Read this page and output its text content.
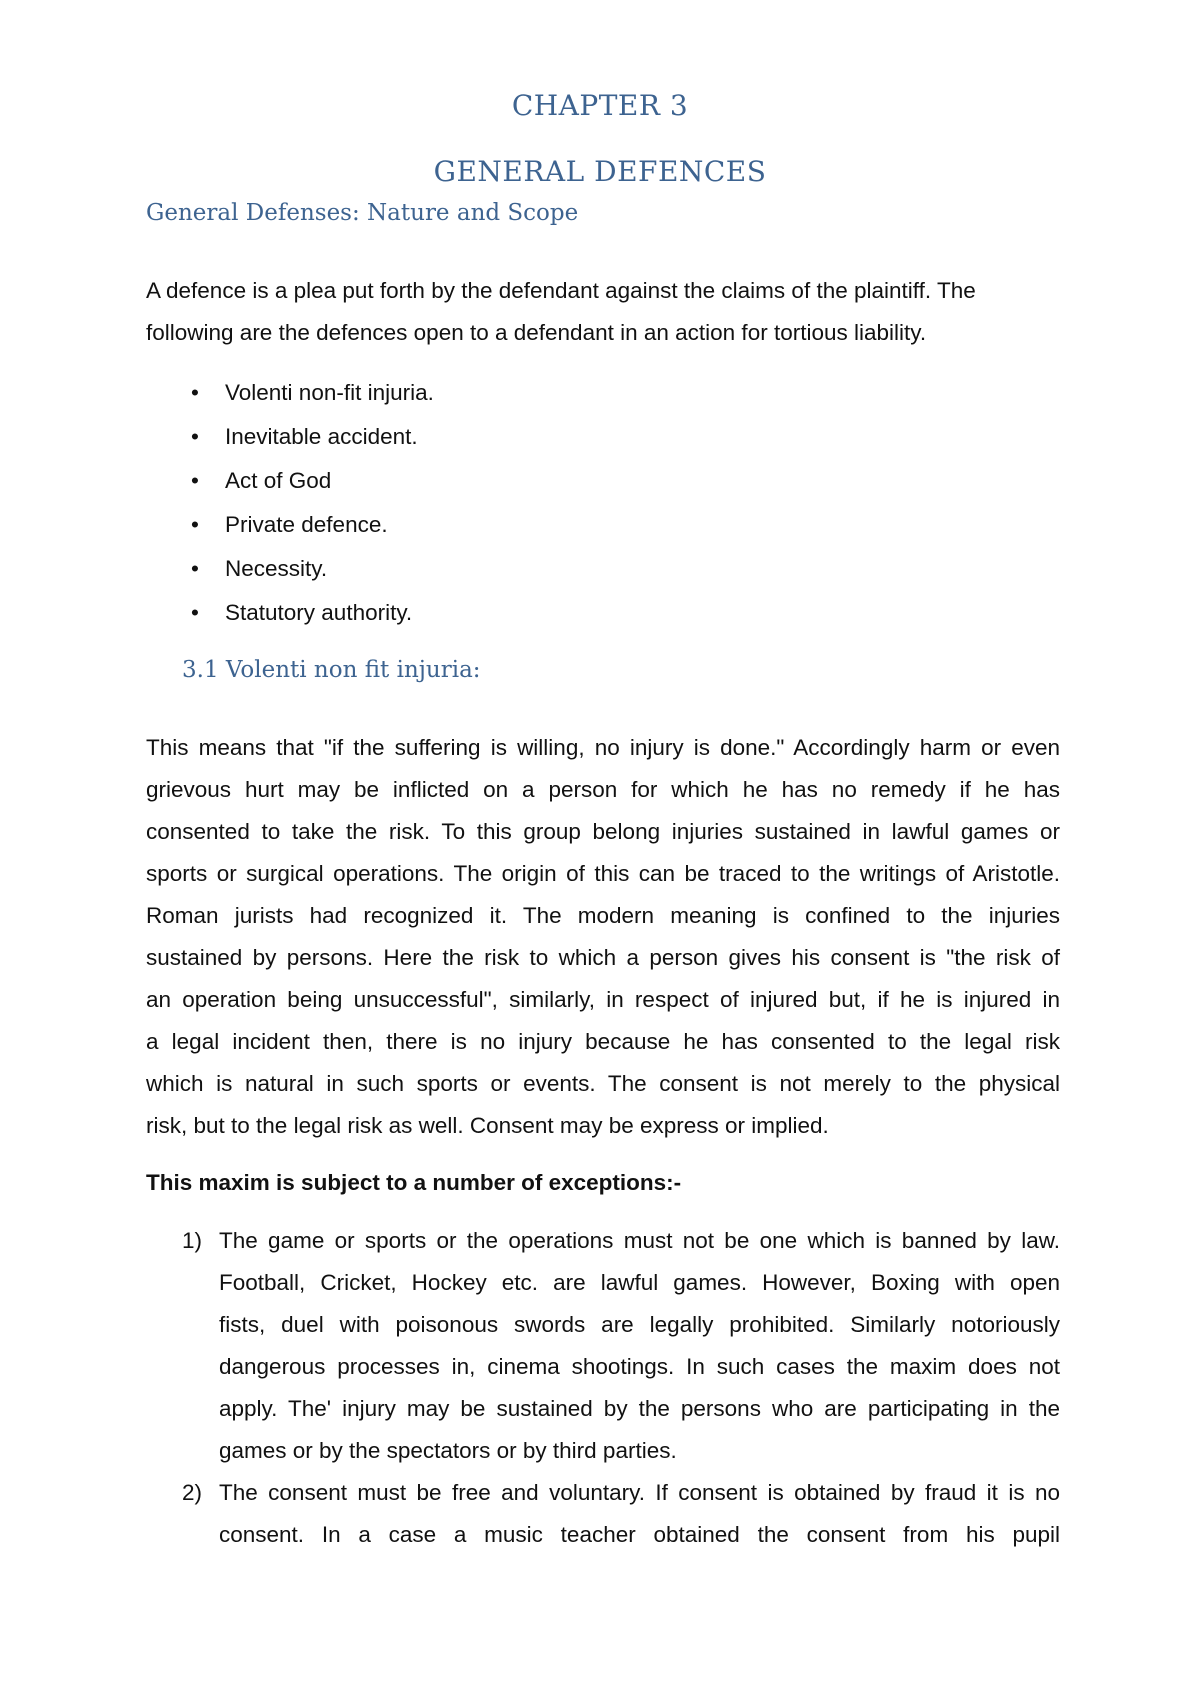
CHAPTER 3
GENERAL DEFENCES
General Defenses: Nature and Scope
A defence is a plea put forth by the defendant against the claims of the plaintiff. The
following are the defences open to a defendant in an action for tortious liability.
• Volenti non-fit injuria.
• Inevitable accident.
• Act of God
• Private defence.
• Necessity.
• Statutory authority.
3.1 Volenti non fit injuria:
This means that "if the suffering is willing, no injury is done." Accordingly harm or even
grievous hurt may be inflicted on a person for which he has no remedy if he has
consented to take the risk. To this group belong injuries sustained in lawful games or
sports or surgical operations. The origin of this can be traced to the writings of Aristotle.
Roman jurists had recognized it. The modern meaning is confined to the injuries
sustained by persons. Here the risk to which a person gives his consent is "the risk of
an operation being unsuccessful", similarly, in respect of injured but, if he is injured in
a legal incident then, there is no injury because he has consented to the legal risk
which is natural in such sports or events. The consent is not merely to the physical
risk, but to the legal risk as well. Consent may be express or implied.
This maxim is subject to a number of exceptions:-
1) The game or sports or the operations must not be one which is banned by law.
Football, Cricket, Hockey etc. are lawful games. However, Boxing with open
fists, duel with poisonous swords are legally prohibited. Similarly notoriously
dangerous processes in, cinema shootings. In such cases the maxim does not
apply. The' injury may be sustained by the persons who are participating in the
games or by the spectators or by third parties.
2) The consent must be free and voluntary. If consent is obtained by fraud it is no
consent. In a case a music teacher obtained the consent from his pupil
